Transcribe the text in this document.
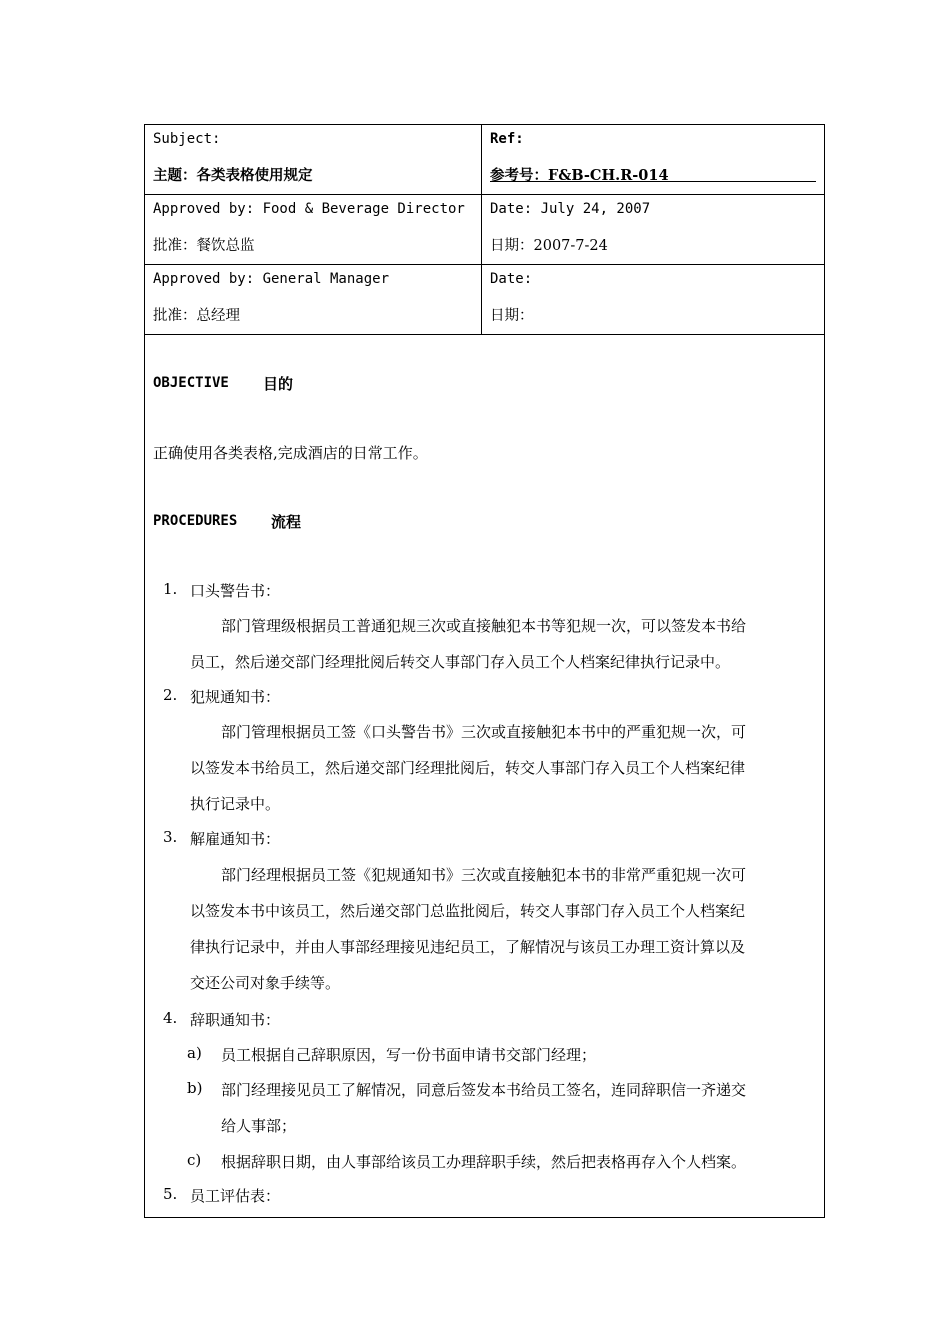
Subject:
主题：各类表格使用规定
Ref:
参考号：F&B-CH.R-014
Approved by: Food & Beverage Director
批准：餐饮总监
Date: July 24, 2007
日期：2007-7-24
Approved by: General Manager
批准：总经理
Date:
日期：
OBJECTIVE 目的
正确使用各类表格,完成酒店的日常工作。
PROCEDURES 流程
1. 口头警告书：
部门管理级根据员工普通犯规三次或直接触犯本书等犯规一次，可以签发本书给
员工，然后递交部门经理批阅后转交人事部门存入员工个人档案纪律执行记录中。
2. 犯规通知书：
部门管理根据员工签《口头警告书》三次或直接触犯本书中的严重犯规一次，可
以签发本书给员工，然后递交部门经理批阅后，转交人事部门存入员工个人档案纪律
执行记录中。
3. 解雇通知书：
部门经理根据员工签《犯规通知书》三次或直接触犯本书的非常严重犯规一次可
以签发本书中该员工，然后递交部门总监批阅后，转交人事部门存入员工个人档案纪
律执行记录中，并由人事部经理接见违纪员工，了解情况与该员工办理工资计算以及
交还公司对象手续等。
4. 辞职通知书：
a) 员工根据自己辞职原因，写一份书面申请书交部门经理；
b) 部门经理接见员工了解情况，同意后签发本书给员工签名，连同辞职信一齐递交
给人事部；
c) 根据辞职日期，由人事部给该员工办理辞职手续，然后把表格再存入个人档案。
5. 员工评估表：
